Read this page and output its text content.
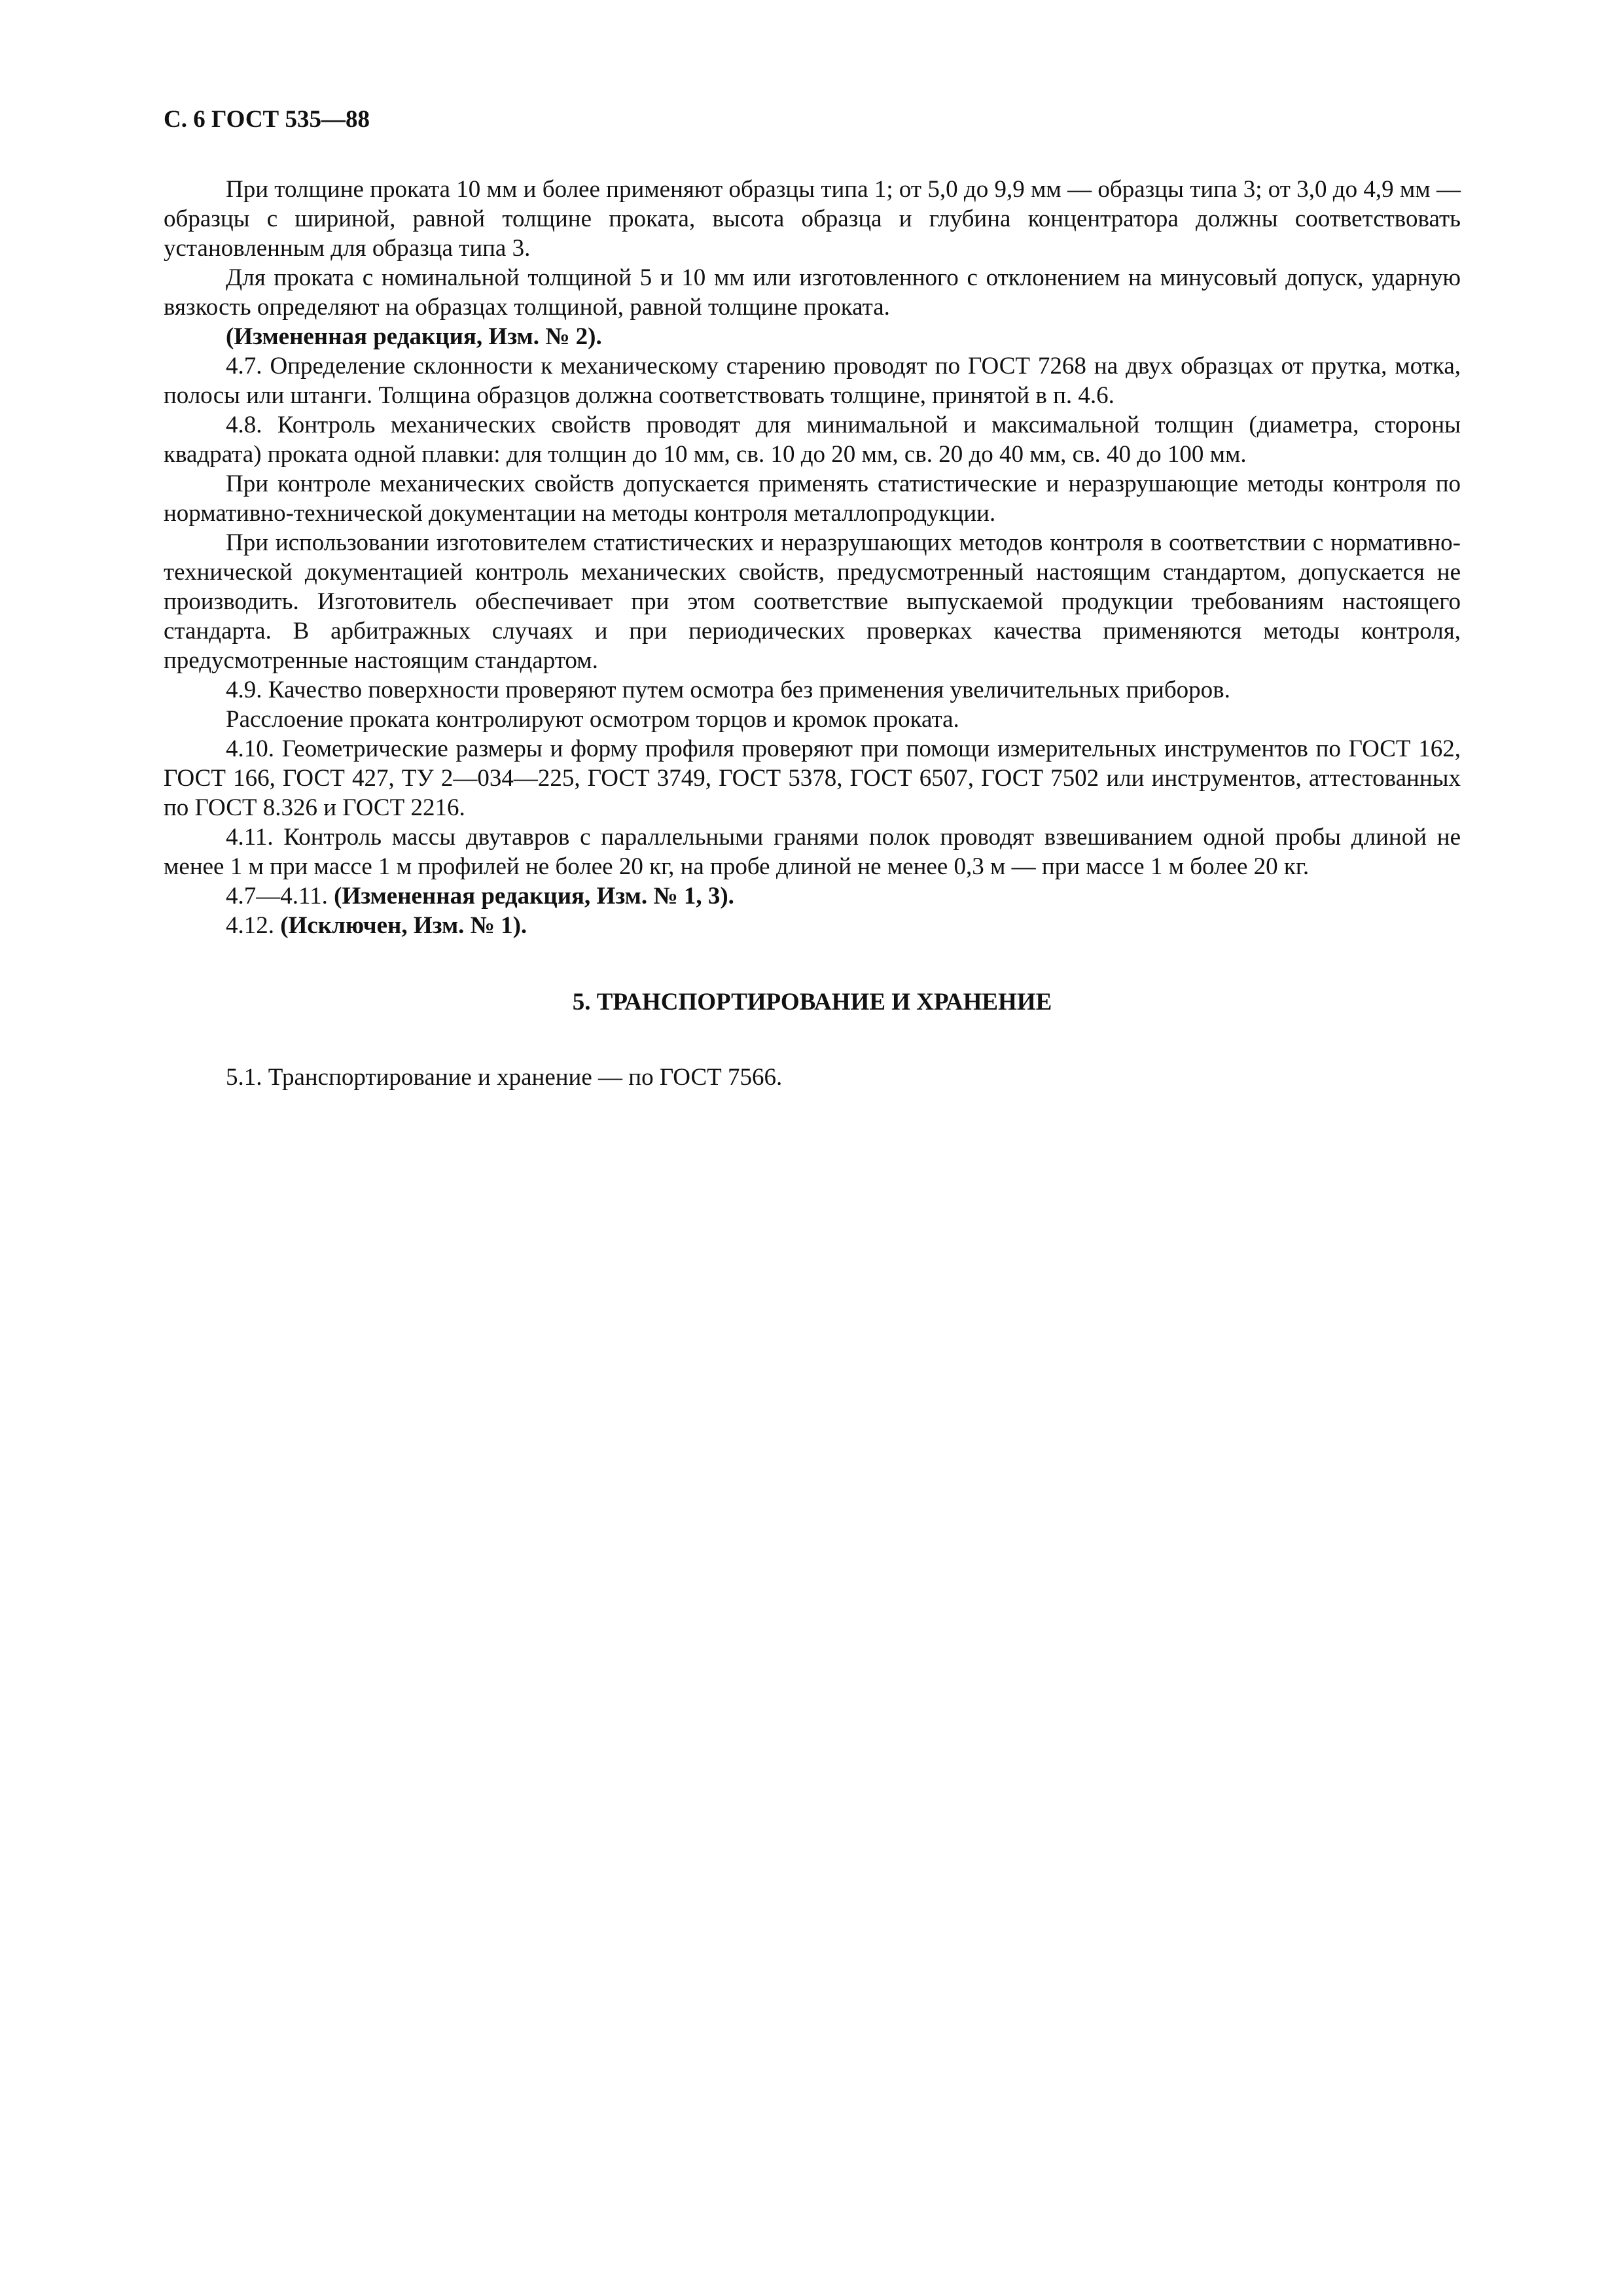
С. 6 ГОСТ 535—88

При толщине проката 10 мм и более применяют образцы типа 1; от 5,0 до 9,9 мм — образцы типа 3; от 3,0 до 4,9 мм — образцы с шириной, равной толщине проката, высота образца и глубина концентратора должны соответствовать установленным для образца типа 3.

Для проката с номинальной толщиной 5 и 10 мм или изготовленного с отклонением на минусовый допуск, ударную вязкость определяют на образцах толщиной, равной толщине проката.

(Измененная редакция, Изм. № 2).

4.7. Определение склонности к механическому старению проводят по ГОСТ 7268 на двух образцах от прутка, мотка, полосы или штанги. Толщина образцов должна соответствовать толщине, принятой в п. 4.6.

4.8. Контроль механических свойств проводят для минимальной и максимальной толщин (диаметра, стороны квадрата) проката одной плавки: для толщин до 10 мм, св. 10 до 20 мм, св. 20 до 40 мм, св. 40 до 100 мм.

При контроле механических свойств допускается применять статистические и неразрушающие методы контроля по нормативно-технической документации на методы контроля металлопродукции.

При использовании изготовителем статистических и неразрушающих методов контроля в соответствии с нормативно-технической документацией контроль механических свойств, предусмотренный настоящим стандартом, допускается не производить. Изготовитель обеспечивает при этом соответствие выпускаемой продукции требованиям настоящего стандарта. В арбитражных случаях и при периодических проверках качества применяются методы контроля, предусмотренные настоящим стандартом.

4.9. Качество поверхности проверяют путем осмотра без применения увеличительных приборов.

Расслоение проката контролируют осмотром торцов и кромок проката.

4.10. Геометрические размеры и форму профиля проверяют при помощи измерительных инструментов по ГОСТ 162, ГОСТ 166, ГОСТ 427, ТУ 2—034—225, ГОСТ 3749, ГОСТ 5378, ГОСТ 6507, ГОСТ 7502 или инструментов, аттестованных по ГОСТ 8.326 и ГОСТ 2216.

4.11. Контроль массы двутавров с параллельными гранями полок проводят взвешиванием одной пробы длиной не менее 1 м при массе 1 м профилей не более 20 кг, на пробе длиной не менее 0,3 м — при массе 1 м более 20 кг.

4.7—4.11. (Измененная редакция, Изм. № 1, 3).

4.12. (Исключен, Изм. № 1).

5. ТРАНСПОРТИРОВАНИЕ И ХРАНЕНИЕ

5.1. Транспортирование и хранение — по ГОСТ 7566.
